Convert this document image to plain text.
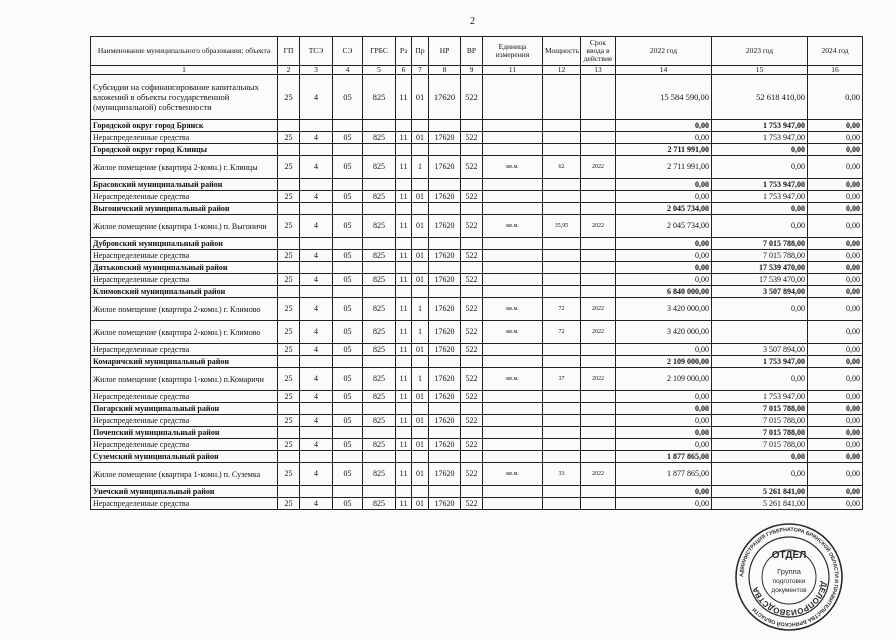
2
Наименование муниципального образования; объекта	ГП	ТСЭ	СЭ	ГРБС	Рз	Пр	НР	ВР	Единица измерения	Мощность	Срок ввода в действие	2022 год	2023 год	2024 год
1	2	3	4	5	6	7	8	9	11	12	13	14	15	16
Субсидии на софинансирование капитальных вложений в объекты государственной (муниципальной) собственности	25	4	05	825	11	01	17620	522				15 584 590,00	52 618 410,00	0,00
Городской округ город Брянск												0,00	1 753 947,00	0,00
Нераспределенные средства	25	4	05	825	11	01	17620	522				0,00	1 753 947,00	0,00
Городской округ город Клинцы												2 711 991,00	0,00	0,00
Жилое помещение (квартира 2-комн.) г. Клинцы	25	4	05	825	11	1	17620	522	кв.м.	62	2022	2 711 991,00	0,00	0,00
Брасовский муниципальный район												0,00	1 753 947,00	0,00
Нераспределенные средства	25	4	05	825	11	01	17620	522				0,00	1 753 947,00	0,00
Выгоничский муниципальный район												2 045 734,00	0,00	0,00
Жилое помещение (квартира 1-комн.) п. Выгоничи	25	4	05	825	11	01	17620	522	кв.м.	35,95	2022	2 045 734,00	0,00	0,00
Дубровский муниципальный район												0,00	7 015 788,00	0,00
Нераспределенные средства	25	4	05	825	11	01	17620	522				0,00	7 015 788,00	0,00
Дятьковский муниципальный район												0,00	17 539 470,00	0,00
Нераспределенные средства	25	4	05	825	11	01	17620	522				0,00	17 539 470,00	0,00
Климовский муниципальный район												6 840 000,00	3 507 894,00	0,00
Жилое помещение (квартира 2-комн.) г. Климово	25	4	05	825	11	1	17620	522	кв.м.	72	2022	3 420 000,00	0,00	0,00
Жилое помещение (квартира 2-комн.) г. Климово	25	4	05	825	11	1	17620	522	кв.м.	72	2022	3 420 000,00		0,00
Нераспределенные средства	25	4	05	825	11	01	17620	522				0,00	3 507 894,00	0,00
Комаричский муниципальный район												2 109 000,00	1 753 947,00	0,00
Жилое помещение (квартира 1-комн.) п.Комаричи	25	4	05	825	11	1	17620	522	кв.м.	37	2022	2 109 000,00	0,00	0,00
Нераспределенные средства	25	4	05	825	11	01	17620	522				0,00	1 753 947,00	0,00
Погарский муниципальный район												0,00	7 015 788,00	0,00
Нераспределенные средства	25	4	05	825	11	01	17620	522				0,00	7 015 788,00	0,00
Почепский муниципальный район												0,00	7 015 788,00	0,00
Нераспределенные средства	25	4	05	825	11	01	17620	522				0,00	7 015 788,00	0,00
Суземский муниципальный район												1 877 865,00	0,00	0,00
Жилое помещение (квартира 1-комн.) п. Суземка	25	4	05	825	11	01	17620	522	кв.м.	33	2022	1 877 865,00	0,00	0,00
Унечский муниципальный район												0,00	5 261 841,00	0,00
Нераспределенные средства	25	4	05	825	11	01	17620	522				0,00	5 261 841,00	0,00
АДМИНИСТРАЦИЯ ГУБЕРНАТОРА БРЯНСКОЙ ОБЛАСТИ И ПРАВИТЕЛЬСТВА БРЯНСКОЙ ОБЛАСТИ
ДЕЛОПРОИЗВОДСТВА
ОТДЕЛ
Группа
подготовки
документов
